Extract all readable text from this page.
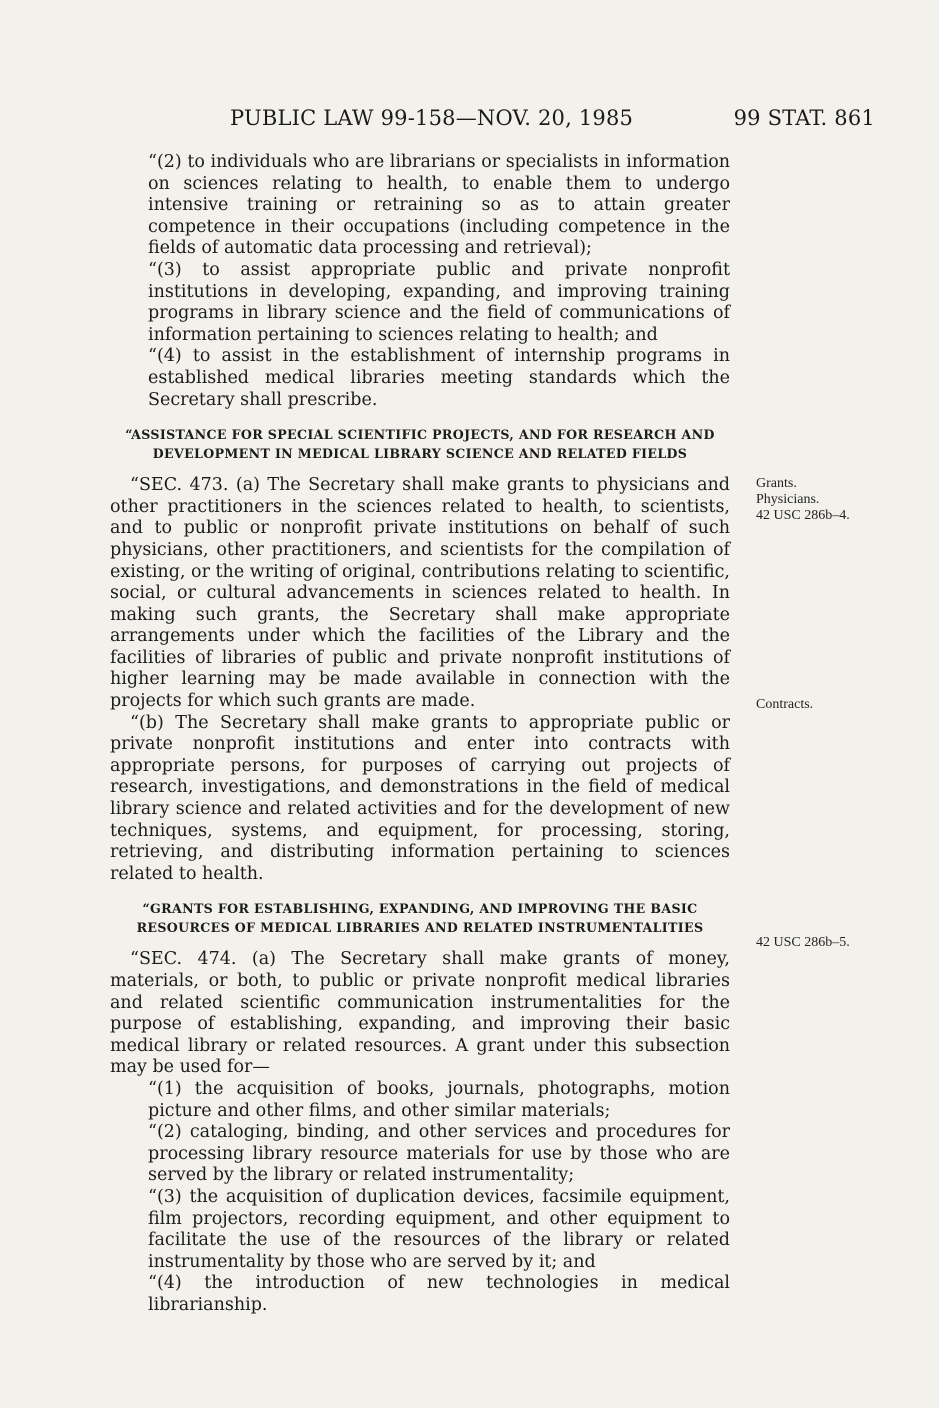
PUBLIC LAW 99-158—NOV. 20, 1985	99 STAT. 861

“(2) to individuals who are librarians or specialists in information on sciences relating to health, to enable them to undergo intensive training or retraining so as to attain greater competence in their occupations (including competence in the fields of automatic data processing and retrieval);

“(3) to assist appropriate public and private nonprofit institutions in developing, expanding, and improving training programs in library science and the field of communications of information pertaining to sciences relating to health; and

“(4) to assist in the establishment of internship programs in established medical libraries meeting standards which the Secretary shall prescribe.

“ASSISTANCE FOR SPECIAL SCIENTIFIC PROJECTS, AND FOR RESEARCH AND
DEVELOPMENT IN MEDICAL LIBRARY SCIENCE AND RELATED FIELDS

“SEC. 473. (a) The Secretary shall make grants to physicians and other practitioners in the sciences related to health, to scientists, and to public or nonprofit private institutions on behalf of such physicians, other practitioners, and scientists for the compilation of existing, or the writing of original, contributions relating to scientific, social, or cultural advancements in sciences related to health. In making such grants, the Secretary shall make appropriate arrangements under which the facilities of the Library and the facilities of libraries of public and private nonprofit institutions of higher learning may be made available in connection with the projects for which such grants are made.

“(b) The Secretary shall make grants to appropriate public or private nonprofit institutions and enter into contracts with appropriate persons, for purposes of carrying out projects of research, investigations, and demonstrations in the field of medical library science and related activities and for the development of new techniques, systems, and equipment, for processing, storing, retrieving, and distributing information pertaining to sciences related to health.

“GRANTS FOR ESTABLISHING, EXPANDING, AND IMPROVING THE BASIC
RESOURCES OF MEDICAL LIBRARIES AND RELATED INSTRUMENTALITIES

“SEC. 474. (a) The Secretary shall make grants of money, materials, or both, to public or private nonprofit medical libraries and related scientific communication instrumentalities for the purpose of establishing, expanding, and improving their basic medical library or related resources. A grant under this subsection may be used for—

“(1) the acquisition of books, journals, photographs, motion picture and other films, and other similar materials;

“(2) cataloging, binding, and other services and procedures for processing library resource materials for use by those who are served by the library or related instrumentality;

“(3) the acquisition of duplication devices, facsimile equipment, film projectors, recording equipment, and other equipment to facilitate the use of the resources of the library or related instrumentality by those who are served by it; and

“(4) the introduction of new technologies in medical librarianship.

Grants.
Physicians.
42 USC 286b–4.
Contracts.
42 USC 286b–5.
